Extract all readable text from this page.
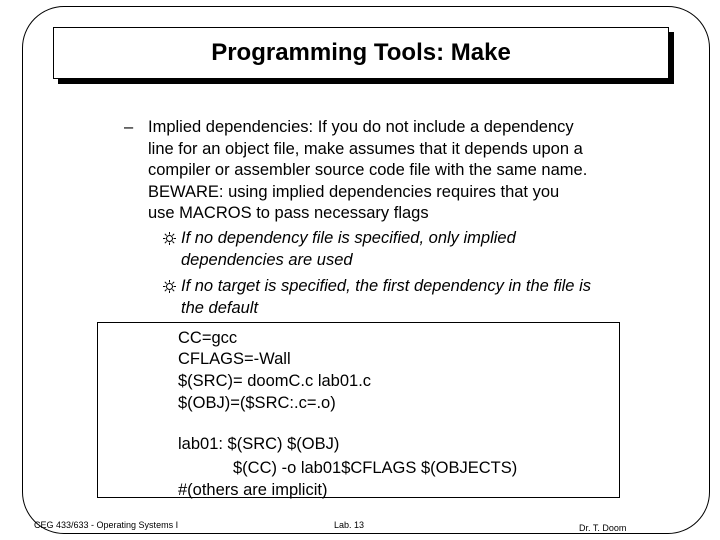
Programming Tools: Make
– Implied dependencies: If you do not include a dependency
line for an object file, make assumes that it depends upon a
compiler or assembler source code file with the same name.
BEWARE: using implied dependencies requires that you
use MACROS to pass necessary flags
If no dependency file is specified, only implied
dependencies are used
If no target is specified, the first dependency in the file is
the default
CC=gcc
CFLAGS=-Wall
$(SRC)= doomC.c lab01.c
$(OBJ)=($SRC:.c=.o)
lab01: $(SRC) $(OBJ)
$(CC) -o lab01$CFLAGS $(OBJECTS)
#(others are implicit)
CEG 433/633 - Operating Systems I	Lab. 13	Dr. T. Doom
